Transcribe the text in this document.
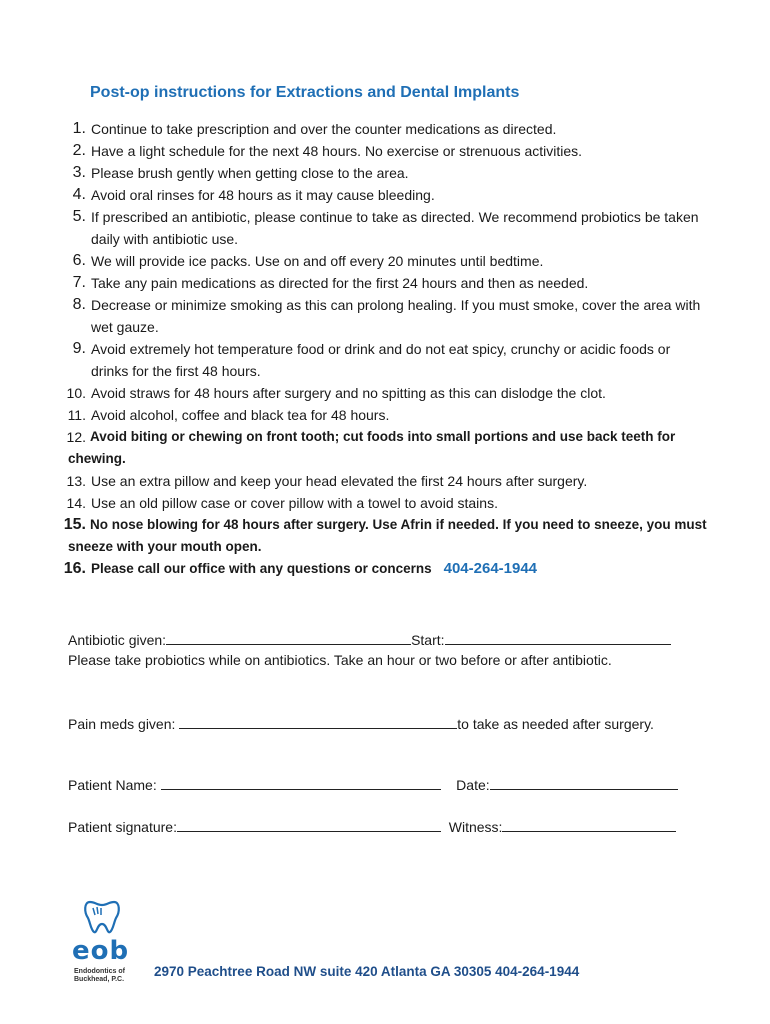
Post-op instructions for Extractions and Dental Implants
1. Continue to take prescription and over the counter medications as directed.
2. Have a light schedule for the next 48 hours. No exercise or strenuous activities.
3. Please brush gently when getting close to the area.
4. Avoid oral rinses for 48 hours as it may cause bleeding.
5. If prescribed an antibiotic, please continue to take as directed. We recommend probiotics be taken daily with antibiotic use.
6. We will provide ice packs. Use on and off every 20 minutes until bedtime.
7. Take any pain medications as directed for the first 24 hours and then as needed.
8. Decrease or minimize smoking as this can prolong healing. If you must smoke, cover the area with wet gauze.
9. Avoid extremely hot temperature food or drink and do not eat spicy, crunchy or acidic foods or drinks for the first 48 hours.
10. Avoid straws for 48 hours after surgery and no spitting as this can dislodge the clot.
11. Avoid alcohol, coffee and black tea for 48 hours.
12. Avoid biting or chewing on front tooth; cut foods into small portions and use back teeth for chewing.
13. Use an extra pillow and keep your head elevated the first 24 hours after surgery.
14. Use an old pillow case or cover pillow with a towel to avoid stains.
15. No nose blowing for 48 hours after surgery. Use Afrin if needed. If you need to sneeze, you must sneeze with your mouth open.
16. Please call our office with any questions or concerns 404-264-1944
Antibiotic given:	Start:
Please take probiotics while on antibiotics. Take an hour or two before or after antibiotic.
Pain meds given:	to take as needed after surgery.
Patient Name:	Date:
Patient signature:	Witness:
eob
Endodontics of
Buckhead, P.C.
2970 Peachtree Road NW suite 420 Atlanta GA 30305 404-264-1944
